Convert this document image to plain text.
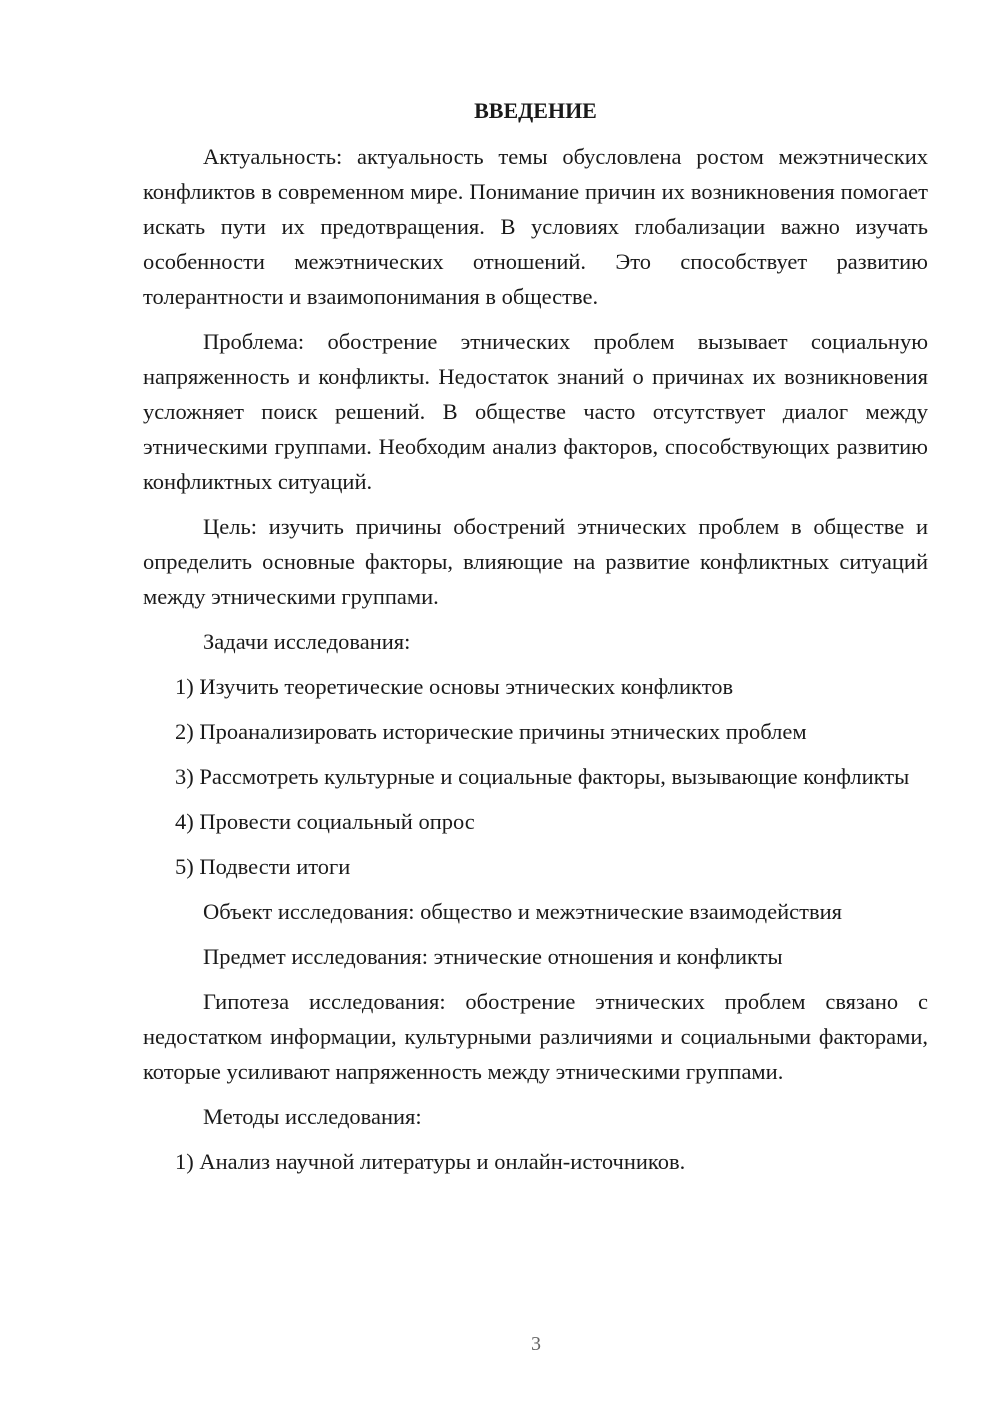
ВВЕДЕНИЕ
Актуальность: актуальность темы обусловлена ростом межэтнических конфликтов в современном мире. Понимание причин их возникновения помогает искать пути их предотвращения. В условиях глобализации важно изучать особенности межэтнических отношений. Это способствует развитию толерантности и взаимопонимания в обществе.
Проблема: обострение этнических проблем вызывает социальную напряженность и конфликты. Недостаток знаний о причинах их возникновения усложняет поиск решений. В обществе часто отсутствует диалог между этническими группами. Необходим анализ факторов, способствующих развитию конфликтных ситуаций.
Цель: изучить причины обострений этнических проблем в обществе и определить основные факторы, влияющие на развитие конфликтных ситуаций между этническими группами.
Задачи исследования:
1) Изучить теоретические основы этнических конфликтов
2) Проанализировать исторические причины этнических проблем
3) Рассмотреть культурные и социальные факторы, вызывающие конфликты
4) Провести социальный опрос
5) Подвести итоги
Объект исследования: общество и межэтнические взаимодействия
Предмет исследования: этнические отношения и конфликты
Гипотеза исследования: обострение этнических проблем связано с недостатком информации, культурными различиями и социальными факторами, которые усиливают напряженность между этническими группами.
Методы исследования:
1) Анализ научной литературы и онлайн-источников.
3
